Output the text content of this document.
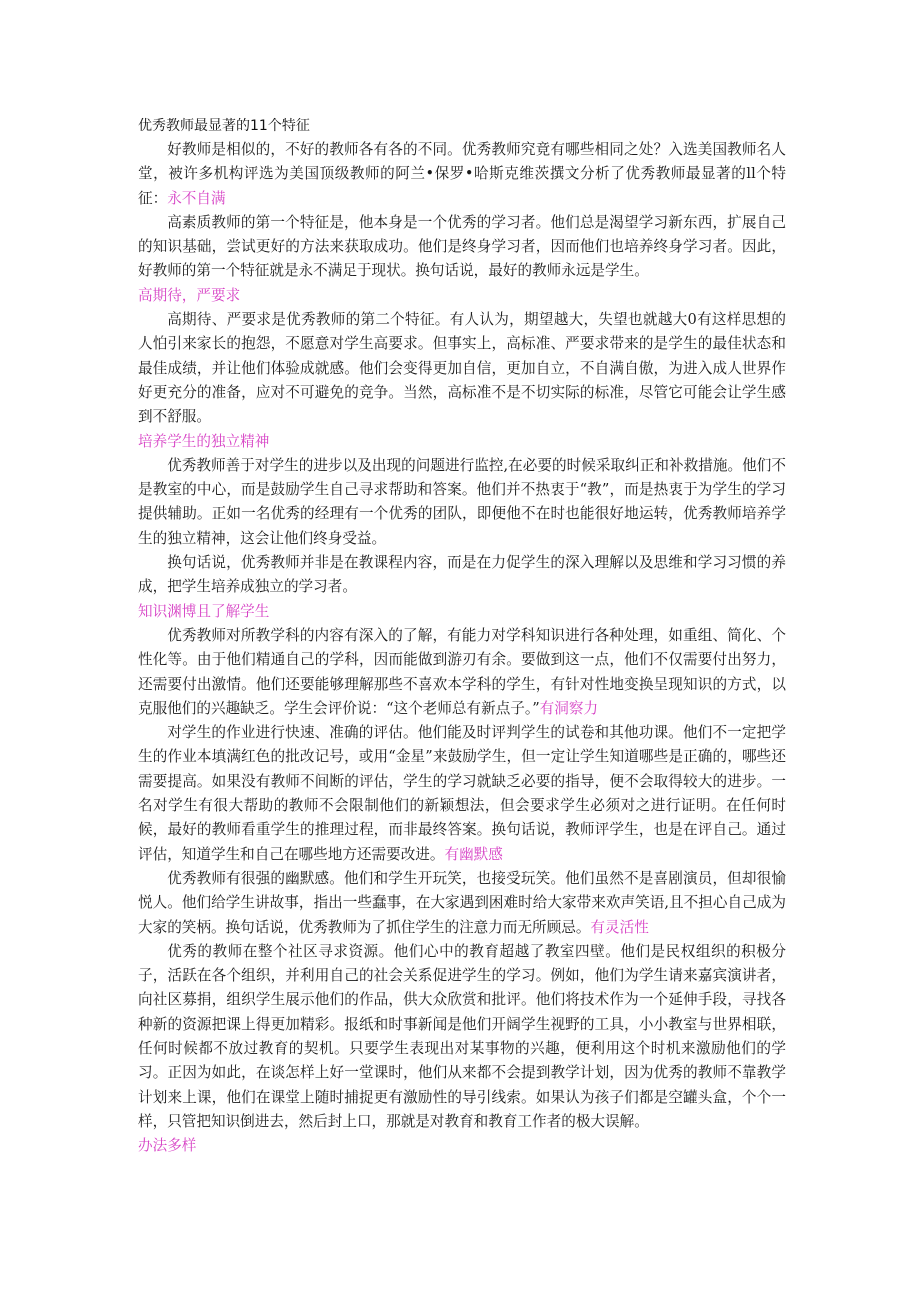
优秀教师最显著的11个特征

好教师是相似的，不好的教师各有各的不同。优秀教师究竟有哪些相同之处？入选美国教师名人堂，被许多机构评选为美国顶级教师的阿兰•保罗•哈斯克维茨撰文分析了优秀教师最显著的ll个特征：永不自满

高素质教师的第一个特征是，他本身是一个优秀的学习者。他们总是渴望学习新东西，扩展自己的知识基础，尝试更好的方法来获取成功。他们是终身学习者，因而他们也培养终身学习者。因此，好教师的第一个特征就是永不满足于现状。换句话说，最好的教师永远是学生。

高期待，严要求

高期待、严要求是优秀教师的第二个特征。有人认为，期望越大，失望也就越大0有这样思想的人怕引来家长的抱怨，不愿意对学生高要求。但事实上，高标准、严要求带来的是学生的最佳状态和最佳成绩，并让他们体验成就感。他们会变得更加自信，更加自立，不自满自傲，为进入成人世界作好更充分的准备，应对不可避免的竞争。当然，高标准不是不切实际的标准，尽管它可能会让学生感到不舒服。

培养学生的独立精神

优秀教师善于对学生的进步以及出现的问题进行监控,在必要的时候采取纠正和补救措施。他们不是教室的中心，而是鼓励学生自己寻求帮助和答案。他们并不热衷于“教”，而是热衷于为学生的学习提供辅助。正如一名优秀的经理有一个优秀的团队，即便他不在时也能很好地运转，优秀教师培养学生的独立精神，这会让他们终身受益。

换句话说，优秀教师并非是在教课程内容，而是在力促学生的深入理解以及思维和学习习惯的养成，把学生培养成独立的学习者。

知识渊博且了解学生

优秀教师对所教学科的内容有深入的了解，有能力对学科知识进行各种处理，如重组、简化、个性化等。由于他们精通自己的学科，因而能做到游刃有余。要做到这一点，他们不仅需要付出努力，还需要付出激情。他们还要能够理解那些不喜欢本学科的学生，有针对性地变换呈现知识的方式，以克服他们的兴趣缺乏。学生会评价说：“这个老师总有新点子。”有洞察力

对学生的作业进行快速、准确的评估。他们能及时评判学生的试卷和其他功课。他们不一定把学生的作业本填满红色的批改记号，或用“金星”来鼓励学生，但一定让学生知道哪些是正确的，哪些还需要提高。如果没有教师不间断的评估，学生的学习就缺乏必要的指导，便不会取得较大的进步。一名对学生有很大帮助的教师不会限制他们的新颖想法，但会要求学生必须对之进行证明。在任何时候，最好的教师看重学生的推理过程，而非最终答案。换句话说，教师评学生，也是在评自己。通过评估，知道学生和自己在哪些地方还需要改进。有幽默感

优秀教师有很强的幽默感。他们和学生开玩笑，也接受玩笑。他们虽然不是喜剧演员，但却很愉悦人。他们给学生讲故事，指出一些蠢事，在大家遇到困难时给大家带来欢声笑语,且不担心自己成为大家的笑柄。换句话说，优秀教师为了抓住学生的注意力而无所顾忌。有灵活性

优秀的教师在整个社区寻求资源。他们心中的教育超越了教室四壁。他们是民权组织的积极分子，活跃在各个组织，并利用自己的社会关系促进学生的学习。例如，他们为学生请来嘉宾演讲者，向社区募捐，组织学生展示他们的作品，供大众欣赏和批评。他们将技术作为一个延伸手段，寻找各种新的资源把课上得更加精彩。报纸和时事新闻是他们开阔学生视野的工具，小小教室与世界相联，任何时候都不放过教育的契机。只要学生表现出对某事物的兴趣，便利用这个时机来激励他们的学习。正因为如此，在谈怎样上好一堂课时，他们从来都不会提到教学计划，因为优秀的教师不靠教学计划来上课，他们在课堂上随时捕捉更有激励性的导引线索。如果认为孩子们都是空罐头盒，个个一样，只管把知识倒进去，然后封上口，那就是对教育和教育工作者的极大误解。

办法多样
